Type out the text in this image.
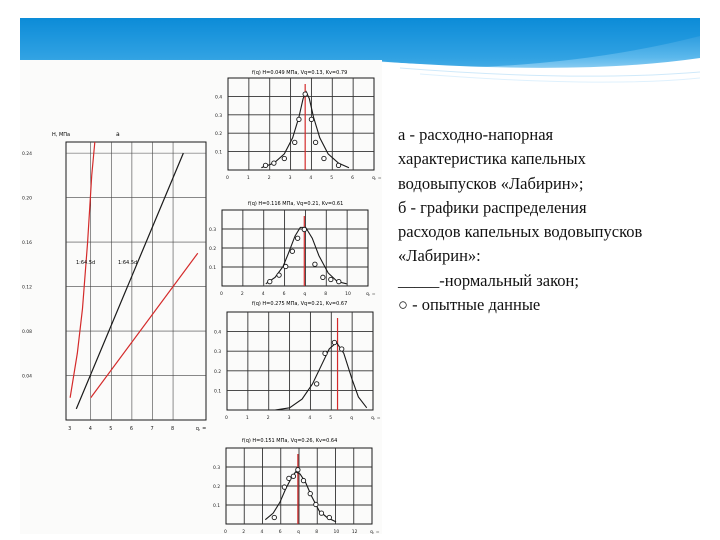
H, МПа	a
0.04
0.08
0.12
0.16
0.20
0.24
3	4	5	6	7	8	q, =
1:64.5d	1:64.5d
f(q) H=0.049 МПа, Vq=0.13, Kv=0.79
0.4
0.3
0.2
0.1
0	1	2	3	4	5	6	q, =
f(q) H=0.116 МПа, Vq=0.21, Kv=0.61
0.3
0.2
0.1
0	2	4	6	q	8	10	q, =
f(q) H=0.275 МПа, Vq=0.21, Kv=0.67
0.4
0.3
0.2
0.1
0	1	2	3	4	5	q	q, =
f(q) H=0.151 МПа, Vq=0.26, Kv=0.64
0.3
0.2
0.1
0	2	4	6	q	8	10	12	q, =
а - расходно-напорная
характеристика капельных
водовыпусков «Лабирин»;
б - графики распределения
расходов капельных водовыпусков
«Лабирин»:
_____-нормальный закон;
○ - опытные данные
